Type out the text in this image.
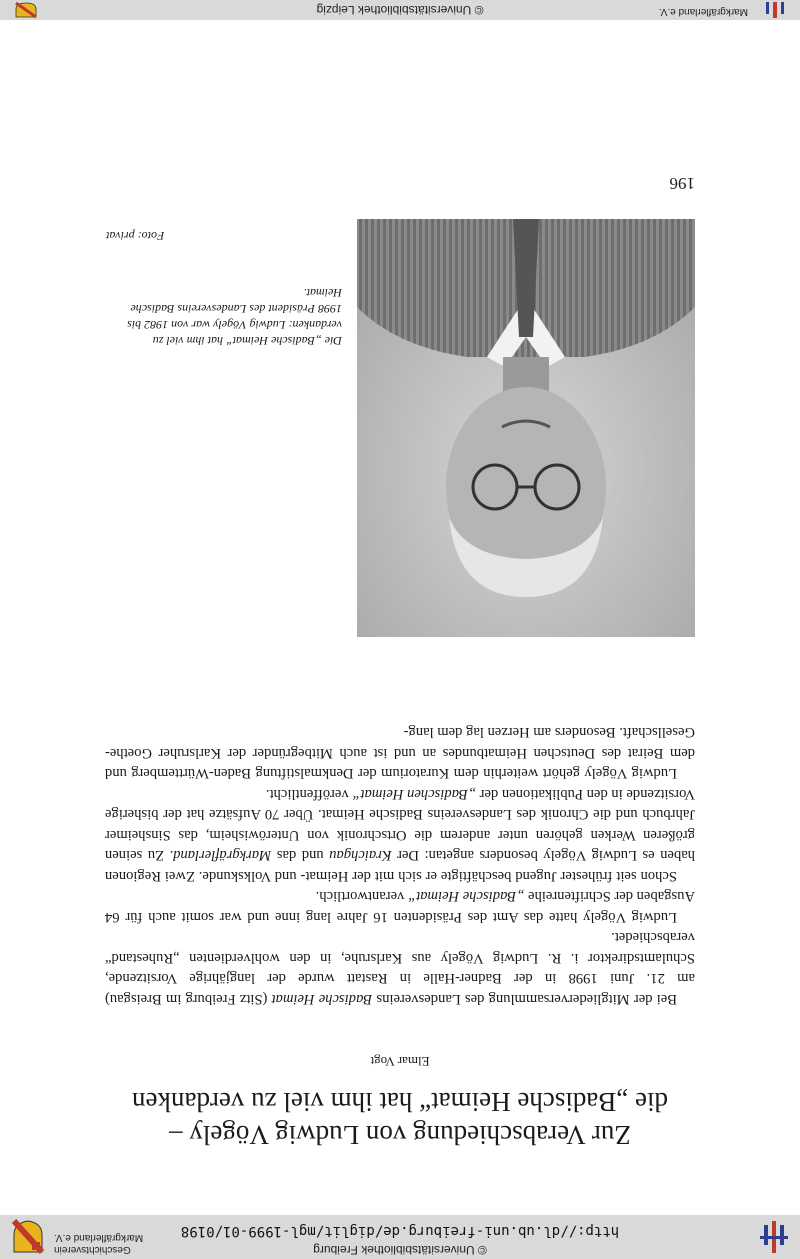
© Universitätsbibliothek Freiburg
http://dl.ub.uni-freiburg.de/diglit/mgl-1999-01/0198
Geschichtsverein
Markgräflerland e.V.
Zur Verabschiedung von Ludwig Vögely –
die „Badische Heimat“ hat ihm viel zu verdanken
Elmar Vogt

Bei der Mitgliederversammlung des Landesvereins Badische Heimat (Sitz Freiburg im Breisgau) am 21. Juni 1998 in der Badner-Halle in Rastatt wurde der langjährige Vorsitzende, Schulamtsdirektor i. R. Ludwig Vögely aus Karlsruhe, in den wohlverdienten „Ruhestand“ verabschiedet.

Ludwig Vögely hatte das Amt des Präsidenten 16 Jahre lang inne und war somit auch für 64 Ausgaben der Schriftenreihe „Badische Heimat“ verantwortlich.

Schon seit frühester Jugend beschäftigte er sich mit der Heimat- und Volkskunde. Zwei Regionen haben es Ludwig Vögely besonders angetan: Der Kraichgau und das Markgräflerland. Zu seinen größeren Werken gehören unter anderem die Ortschronik von Unteröwisheim, das Sinsheimer Jahrbuch und die Chronik des Landesvereins Badische Heimat. Über 70 Aufsätze hat der bisherige Vorsitzende in den Publikationen der „Badischen Heimat“ veröffentlicht.

Ludwig Vögely gehört weiterhin dem Kuratorium der Denkmalstiftung Baden-Württemberg und dem Beirat des Deutschen Heimatbundes an und ist auch Mitbegründer der Karlsruher Goethe-Gesellschaft. Besonders am Herzen lag dem lang-

Die „Badische Heimat“ hat ihm viel zu verdanken: Ludwig Vögely war von 1982 bis 1998 Präsident des Landesvereins Badische Heimat.
Foto: privat
196
Markgräflerland e.V.
© Universitätsbibliothek Leipzig
